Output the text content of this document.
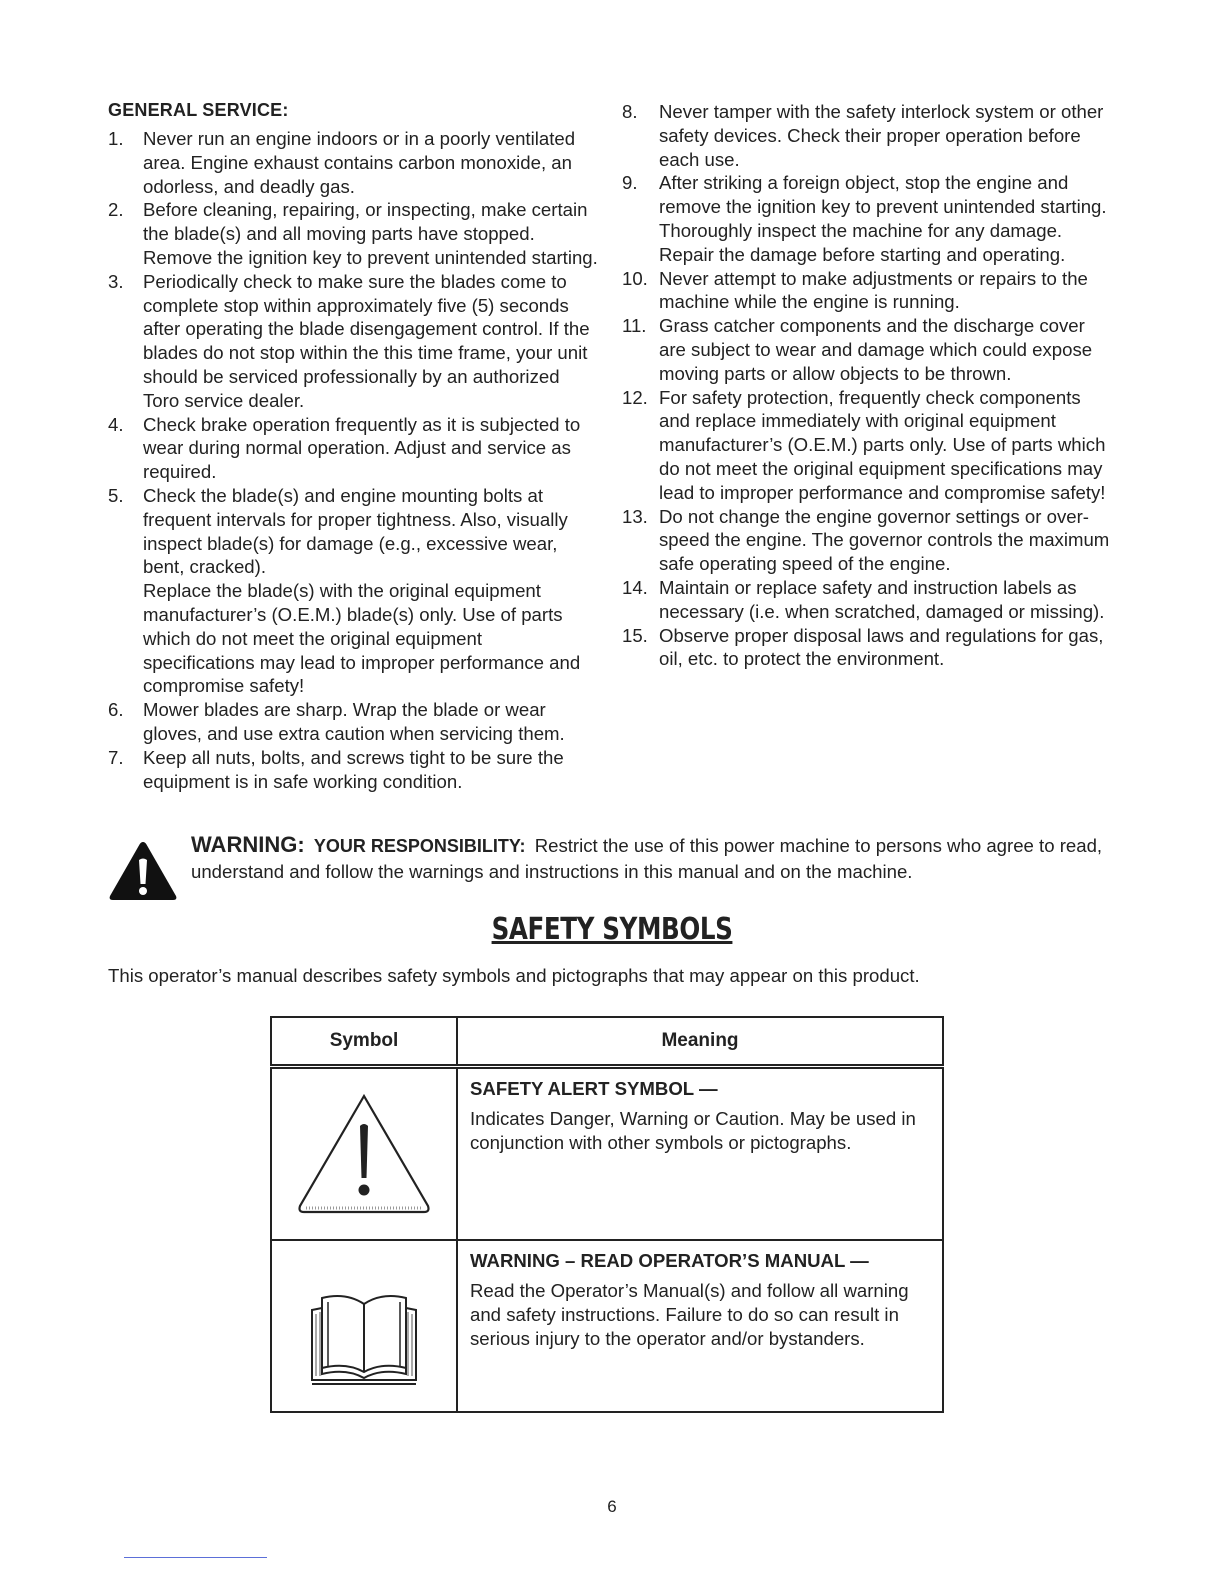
GENERAL SERVICE:
1. Never run an engine indoors or in a poorly ventilated area. Engine exhaust contains carbon monoxide, an odorless, and deadly gas.
2. Before cleaning, repairing, or inspecting, make certain the blade(s) and all moving parts have stopped. Remove the ignition key to prevent unintended starting.
3. Periodically check to make sure the blades come to complete stop within approximately five (5) seconds after operating the blade disengagement control. If the blades do not stop within the this time frame, your unit should be serviced professionally by an authorized Toro service dealer.
4. Check brake operation frequently as it is subjected to wear during normal operation. Adjust and service as required.
5. Check the blade(s) and engine mounting bolts at frequent intervals for proper tightness. Also, visually inspect blade(s) for damage (e.g., excessive wear, bent, cracked).
Replace the blade(s) with the original equipment manufacturer’s (O.E.M.) blade(s) only. Use of parts which do not meet the original equipment specifications may lead to improper performance and compromise safety!
6. Mower blades are sharp. Wrap the blade or wear gloves, and use extra caution when servicing them.
7. Keep all nuts, bolts, and screws tight to be sure the equipment is in safe working condition.
8. Never tamper with the safety interlock system or other safety devices. Check their proper operation before each use.
9. After striking a foreign object, stop the engine and remove the ignition key to prevent unintended starting. Thoroughly inspect the machine for any damage. Repair the damage before starting and operating.
10. Never attempt to make adjustments or repairs to the machine while the engine is running.
11. Grass catcher components and the discharge cover are subject to wear and damage which could expose moving parts or allow objects to be thrown.
12. For safety protection, frequently check components and replace immediately with original equipment manufacturer’s (O.E.M.) parts only. Use of parts which do not meet the original equipment specifications may lead to improper performance and compromise safety!
13. Do not change the engine governor settings or over-speed the engine. The governor controls the maximum safe operating speed of the engine.
14. Maintain or replace safety and instruction labels as necessary (i.e. when scratched, damaged or missing).
15. Observe proper disposal laws and regulations for gas, oil, etc. to protect the environment.
WARNING: YOUR RESPONSIBILITY: Restrict the use of this power machine to persons who agree to read, understand and follow the warnings and instructions in this manual and on the machine.
SAFETY SYMBOLS
This operator’s manual describes safety symbols and pictographs that may appear on this product.
Symbol	Meaning

SAFETY ALERT SYMBOL —
Indicates Danger, Warning or Caution. May be used in conjunction with other symbols or pictographs.

WARNING – READ OPERATOR’S MANUAL —
Read the Operator’s Manual(s) and follow all warning and safety instructions. Failure to do so can result in serious injury to the operator and/or bystanders.
6
